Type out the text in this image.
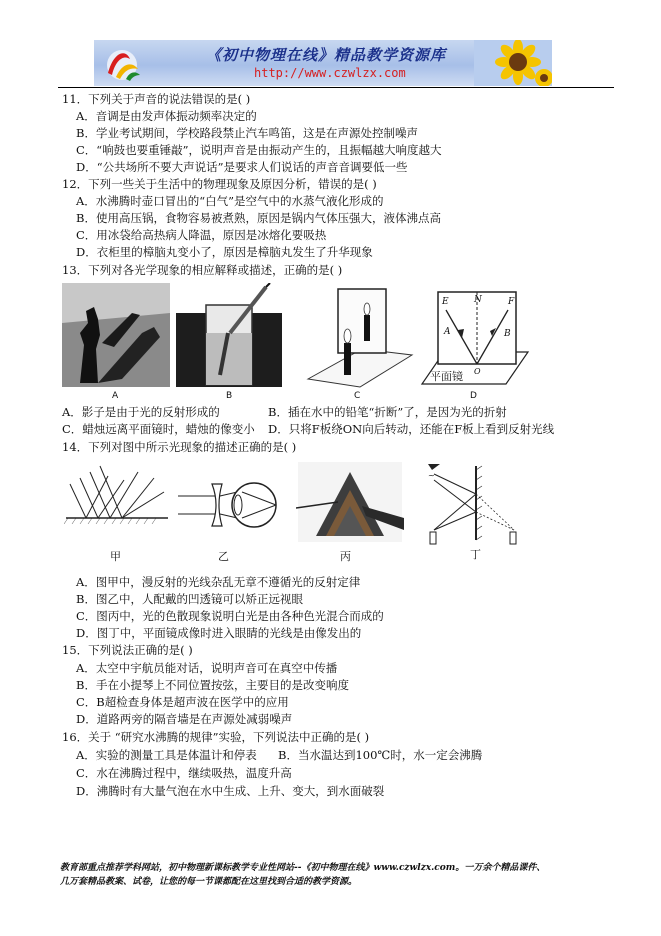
《初中物理在线》精品教学资源库
http://www.czwlzx.com
11．下列关于声音的说法错误的是( )
A．音调是由发声体振动频率决定的
B．学业考试期间，学校路段禁止汽车鸣笛，这是在声源处控制噪声
C．“响鼓也要重锤敲”，说明声音是由振动产生的，且振幅越大响度越大
D．“公共场所不要大声说话”是要求人们说话的声音音调要低一些
12．下列一些关于生活中的物理现象及原因分析，错误的是( )
A．水沸腾时壶口冒出的“白气”是空气中的水蒸气液化形成的
B．使用高压锅，食物容易被煮熟，原因是锅内气体压强大，液体沸点高
C．用冰袋给高热病人降温，原因是冰熔化要吸热
D．衣柜里的樟脑丸变小了，原因是樟脑丸发生了升华现象
13．下列对各光学现象的相应解释或描述，正确的是( )
A	B	C
E	N	F
A	B
O
平面镜
D
A．影子是由于光的反射形成的	B．插在水中的铅笔“折断”了，是因为光的折射
C．蜡烛远离平面镜时，蜡烛的像变小 D．只将F板绕ON向后转动，还能在F板上看到反射光线
14．下列对图中所示光现象的描述正确的是( )
甲	乙	丙
~
丁
A．图甲中，漫反射的光线杂乱无章不遵循光的反射定律
B．图乙中，人配戴的凹透镜可以矫正远视眼
C．图丙中，光的色散现象说明白光是由各种色光混合而成的
D．图丁中，平面镜成像时进入眼睛的光线是由像发出的
15．下列说法正确的是( )
A．太空中宇航员能对话，说明声音可在真空中传播
B．手在小提琴上不同位置按弦，主要目的是改变响度
C．B超检查身体是超声波在医学中的应用
D．道路两旁的隔音墙是在声源处减弱噪声
16．关于 “研究水沸腾的规律”实验，下列说法中正确的是( )
A．实验的测量工具是体温计和停表 B．当水温达到100℃时，水一定会沸腾
C．水在沸腾过程中，继续吸热，温度升高
D．沸腾时有大量气泡在水中生成、上升、变大，到水面破裂
教育部重点推荐学科网站，初中物理新课标教学专业性网站--《初中物理在线》www.czwlzx.com。一万余个精品课件、
几万套精品教案、试卷，让您的每一节课都配在这里找到合适的教学资源。
